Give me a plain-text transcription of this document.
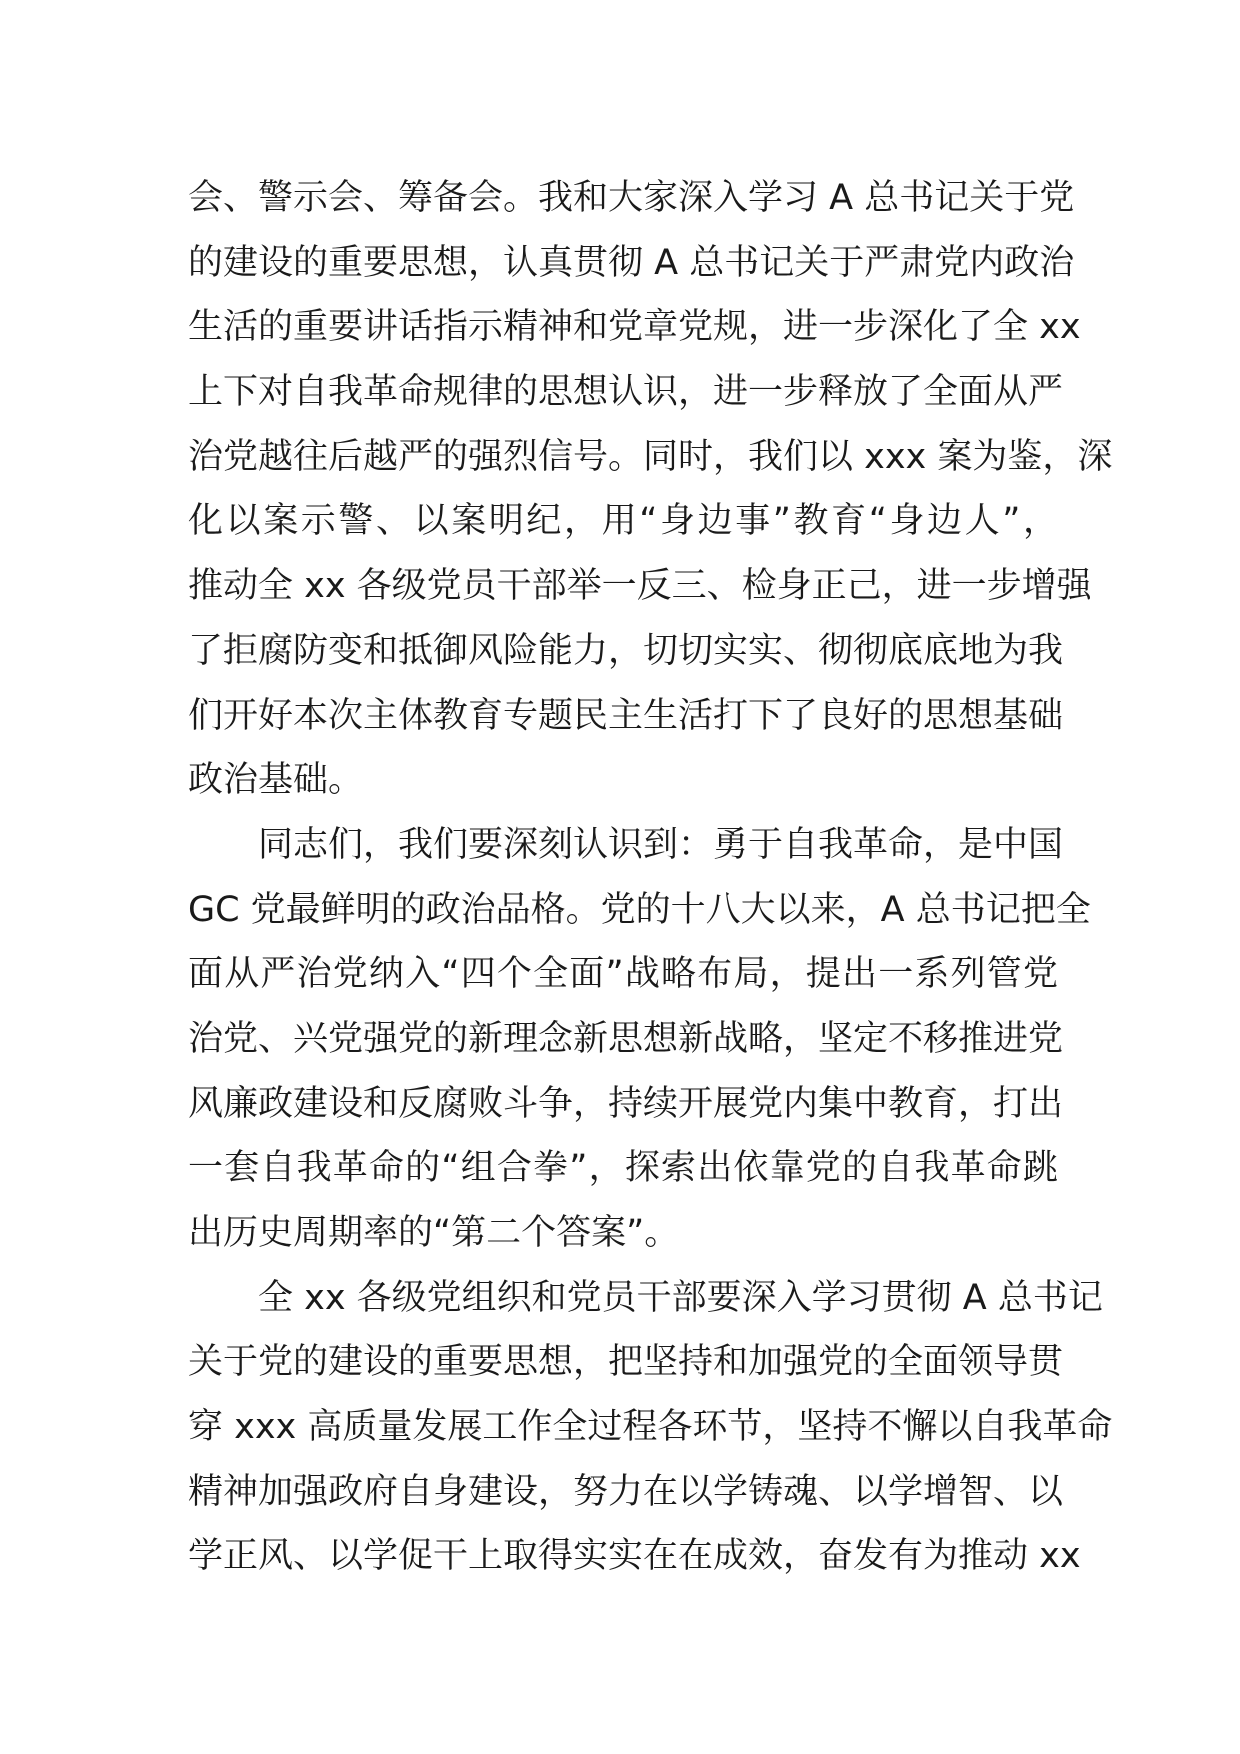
会、警示会、筹备会。我和大家深入学习 A 总书记关于党
的建设的重要思想，认真贯彻 A 总书记关于严肃党内政治
生活的重要讲话指示精神和党章党规，进一步深化了全 xx
上下对自我革命规律的思想认识，进一步释放了全面从严
治党越往后越严的强烈信号。同时，我们以 xxx 案为鉴，深
化以案示警、以案明纪，用“身边事”教育“身边人”，
推动全 xx 各级党员干部举一反三、检身正己，进一步增强
了拒腐防变和抵御风险能力，切切实实、彻彻底底地为我
们开好本次主体教育专题民主生活打下了良好的思想基础
政治基础。
同志们，我们要深刻认识到：勇于自我革命，是中国
GC 党最鲜明的政治品格。党的十八大以来，A 总书记把全
面从严治党纳入“四个全面”战略布局，提出一系列管党
治党、兴党强党的新理念新思想新战略，坚定不移推进党
风廉政建设和反腐败斗争，持续开展党内集中教育，打出
一套自我革命的“组合拳”，探索出依靠党的自我革命跳
出历史周期率的“第二个答案”。
全 xx 各级党组织和党员干部要深入学习贯彻 A 总书记
关于党的建设的重要思想，把坚持和加强党的全面领导贯
穿 xxx 高质量发展工作全过程各环节，坚持不懈以自我革命
精神加强政府自身建设，努力在以学铸魂、以学增智、以
学正风、以学促干上取得实实在在成效，奋发有为推动 xx
